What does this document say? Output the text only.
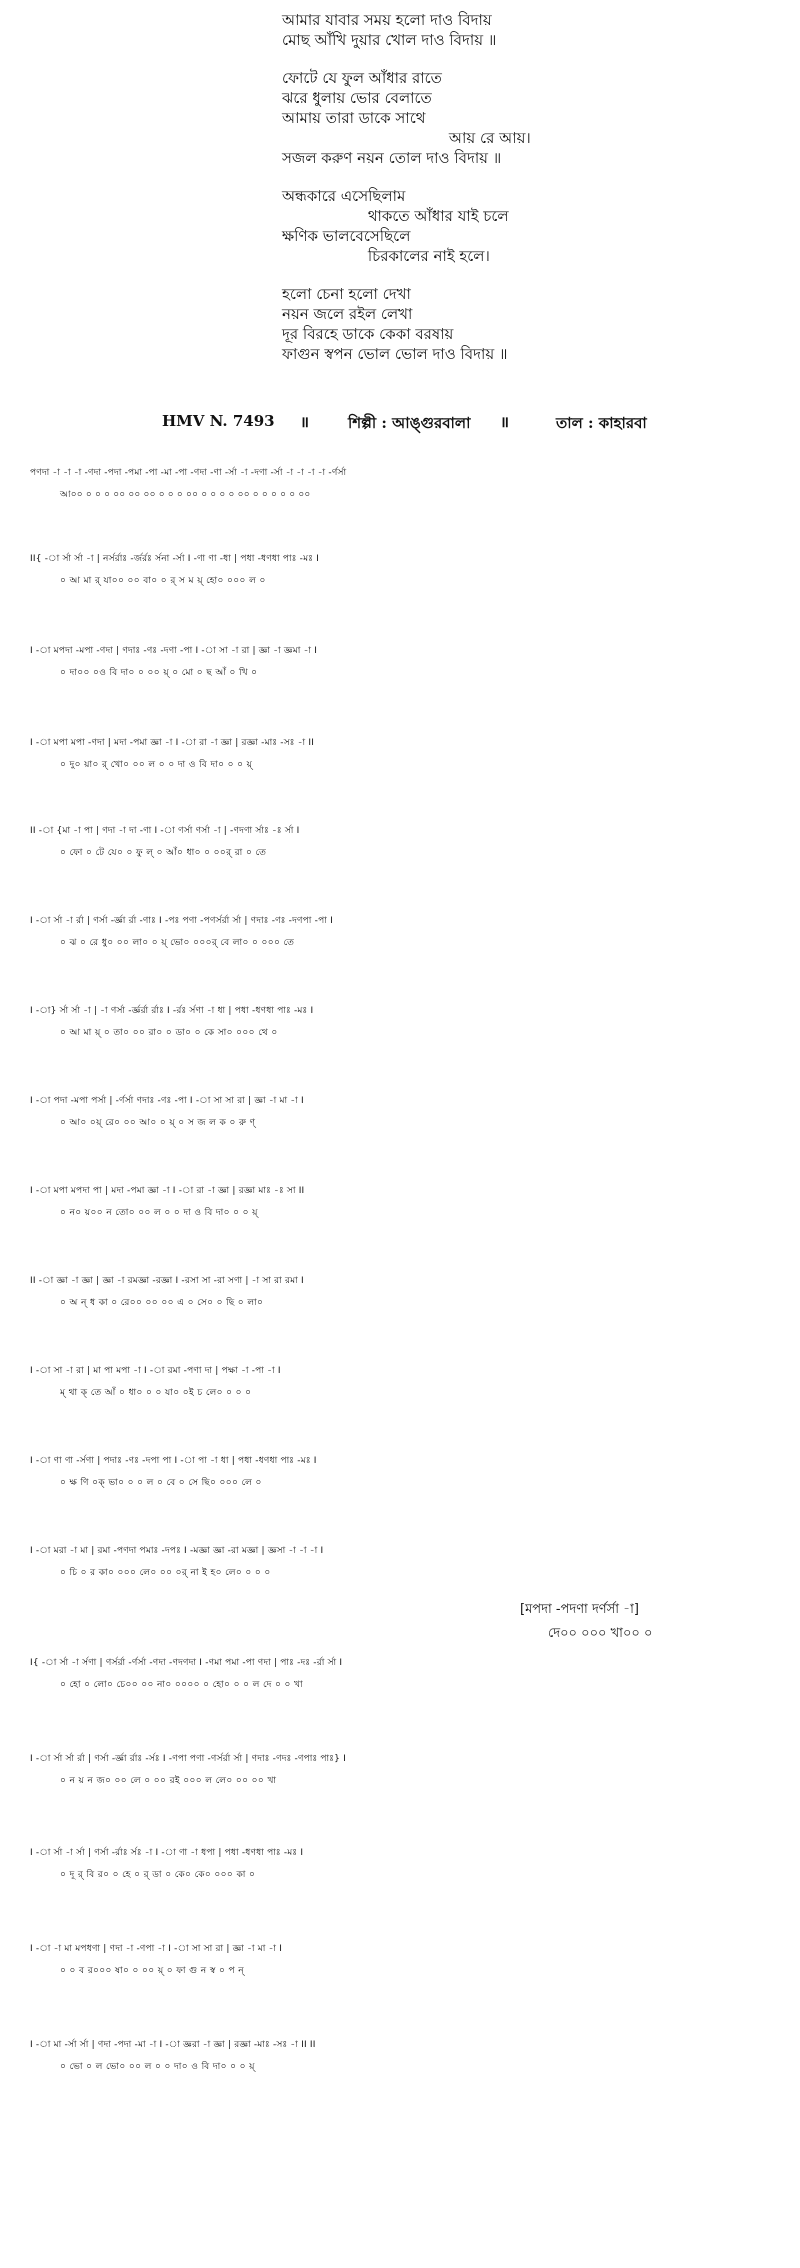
আমার যাবার সময় হলো দাও বিদায়
মোছ আঁখি দুয়ার খোল দাও বিদায় ॥
ফোটে যে ফুল আঁধার রাতে
ঝরে ধুলায় ভোর বেলাতে
আমায় তারা ডাকে সাথে
আয় রে আয়।
সজল করুণ নয়ন তোল দাও বিদায় ॥
অন্ধকারে এসেছিলাম
থাকতে আঁধার যাই চলে
ক্ষণিক ভালবেসেছিলে
চিরকালের নাই হলে।
হলো চেনা হলো দেখা
নয়ন জলে রইল লেখা
দূর বিরহে ডাকে কেকা বরষায়
ফাগুন স্বপন ভোল ভোল দাও বিদায় ॥
HMV N. 7493 ॥	শিল্পী : আঙ্গুরবালা ॥	তাল : কাহারবা
পণদা -া -া -া -ণদা -পদা -পমা -পা -মা -পা -ণদা -ণা -র্সা -া -দণা -র্সা -া -া -া -া -র্ণর্সা
আ০০ ০ ০ ০ ০০ ০০ ০০ ০ ০ ০ ০০ ০ ০ ০ ০ ০০ ০ ০ ০ ০ ০ ০০
II{ -া র্সা র্সা -া | নর্সর্রাঃ -র্জর্রঃ র্সনা -র্সা I -ণা ণা -ধা | পধা -ধণধা পাঃ -মঃ I
০ আ মা র্ যা০০ ০০ বা০ ০ র্ স ম য়্ হো০ ০০০ ল ০
I -া মপদা -মপা -ণদা | ণদাঃ -ণঃ -দণা -পা I -া সা -া রা | জ্ঞা -া জ্ঞমা -া I
০ দা০০ ০ও বি দা০ ০ ০০ য়্ ০ মো ০ ছ আঁ ০ খি ০
I -া মপা মপা -ণদা | মদা -পমা জ্ঞা -া I -া রা -া জ্ঞা | রজ্ঞা -মাঃ -সঃ -া II
০ দু০ য়া০ র্ খো০ ০০ ল ০ ০ দা ও বি দা০ ০ ০ য়্
II -া {মা -া পা | ণদা -া দা -ণা I -া ণর্সা ণর্সা -া | -ণদণা র্সাঃ -ঃ র্সা I
০ ফো ০ টে যে০ ০ ফু ল্ ০ আঁ০ ধা০ ০ ০০র্ রা ০ তে
I -া র্সা -া র্রা | ণর্সা -র্জ্ঞা র্রা -ণাঃ I -পঃ পণা -পণর্সর্রা র্সা | ণদাঃ -ণঃ -দণপা -পা I
০ ঝ ০ রে ধু০ ০০ লা০ ০ য়্ ভো০ ০০০র্ বে লা০ ০ ০০০ তে
I -া} র্সা র্সা -া | -া ণর্সা -র্জ্ঞর্রা র্রাঃ I -র্রঃ র্সণা -া ধা | পধা -ধণধা পাঃ -মঃ I
০ আ মা য়্ ০ তা০ ০০ রা০ ০ ডা০ ০ কে সা০ ০০০ থে ০
I -া পদা -মপা পর্সা | -র্ণর্সা ণদাঃ -ণঃ -পা I -া সা সা রা | জ্ঞা -া মা -া I
০ আ০ ০য়্ রে০ ০০ আ০ ০ য়্ ০ স জ ল ক ০ রু ণ্
I -া মপা মপদা পা | মদা -পমা জ্ঞা -া I -া রা -া জ্ঞা | রজ্ঞা মাঃ -ঃ সা II
০ ন০ য়০০ ন তো০ ০০ ল ০ ০ দা ও বি দা০ ০ ০ য়্
II -া জ্ঞা -া জ্ঞা | জ্ঞা -া রমজ্ঞা -রজ্ঞা I -রসা সা -রা সণা | -া সা রা রমা I
০ অ ন্ ধ কা ০ রে০০ ০০ ০০ এ ০ সে০ ০ ছি ০ লা০
I -া সা -া রা | মা পা মপা -া I -া রমা -পণা দা | পক্ষা -া -পা -া I
ম্ থা ক্ তে আঁ ০ ধা০ ০ ০ যা০ ০ই চ লে০ ০ ০ ০
I -া ণা ণা -র্সণা | পদাঃ -ণঃ -দপা পা I -া পা -া ধা | পধা -ধণধা পাঃ -মঃ I
০ ক্ষ ণি ০ক্ ভা০ ০ ০ ল ০ বে ০ সে ছি০ ০০০ লে ০
I -া মরা -া মা | রমা -পণদা পমাঃ -দপঃ I -মজ্ঞা জ্ঞা -রা মজ্ঞা | জ্ঞসা -া -া -া I
০ চি ০ র কা০ ০০০ লে০ ০০ ০র্ না ই হ০ লে০ ০ ০ ০
[মপদা -পদণা দর্ণর্সা -া]
দে০০ ০০০ খা০০ ০
I{ -া র্সা -া র্সণা | ণর্সর্রা -র্ণর্সা -ণদা -ণদণদা I -ণমা পমা -পা ণদা | পাঃ -দঃ -র্রা র্সা I
০ হো ০ লো০ চে০০ ০০ না০ ০০০০ ০ হো০ ০ ০ ল দে ০ ০ খা
I -া র্সা র্সা র্রা | ণর্সা -র্জ্ঞা র্রাঃ -র্সঃ I -ণপা পণা -ণর্সর্রা র্সা | ণদাঃ -ণদঃ -ণপাঃ পাঃ} I
০ ন য় ন জ০ ০০ লে ০ ০০ রই ০০০ ল লে০ ০০ ০০ খা
I -া র্সা -া র্সা | ণর্সা -র্রাঃ র্সঃ -া I -া ণা -া ধপা | পধা -ধণধা পাঃ -মঃ I
০ দূ র্ বি র০ ০ হে ০ র্ ডা ০ কে০ কে০ ০০০ কা ০
I -া -া মা মপধণা | ণদা -া -ণপা -া I -া সা সা রা | জ্ঞা -া মা -া I
০ ০ ব র০০০ ষা০ ০ ০০ য়্ ০ ফা গু ন স্ব ০ প ন্
I -া মা -র্সা র্সা | ণদা -পদা -মা -া I -া জ্ঞরা -া জ্ঞা | রজ্ঞা -মাঃ -সঃ -া II II
০ ভো ০ ল ভো০ ০০ ল ০ ০ দা০ ও বি দা০ ০ ০ য়্
